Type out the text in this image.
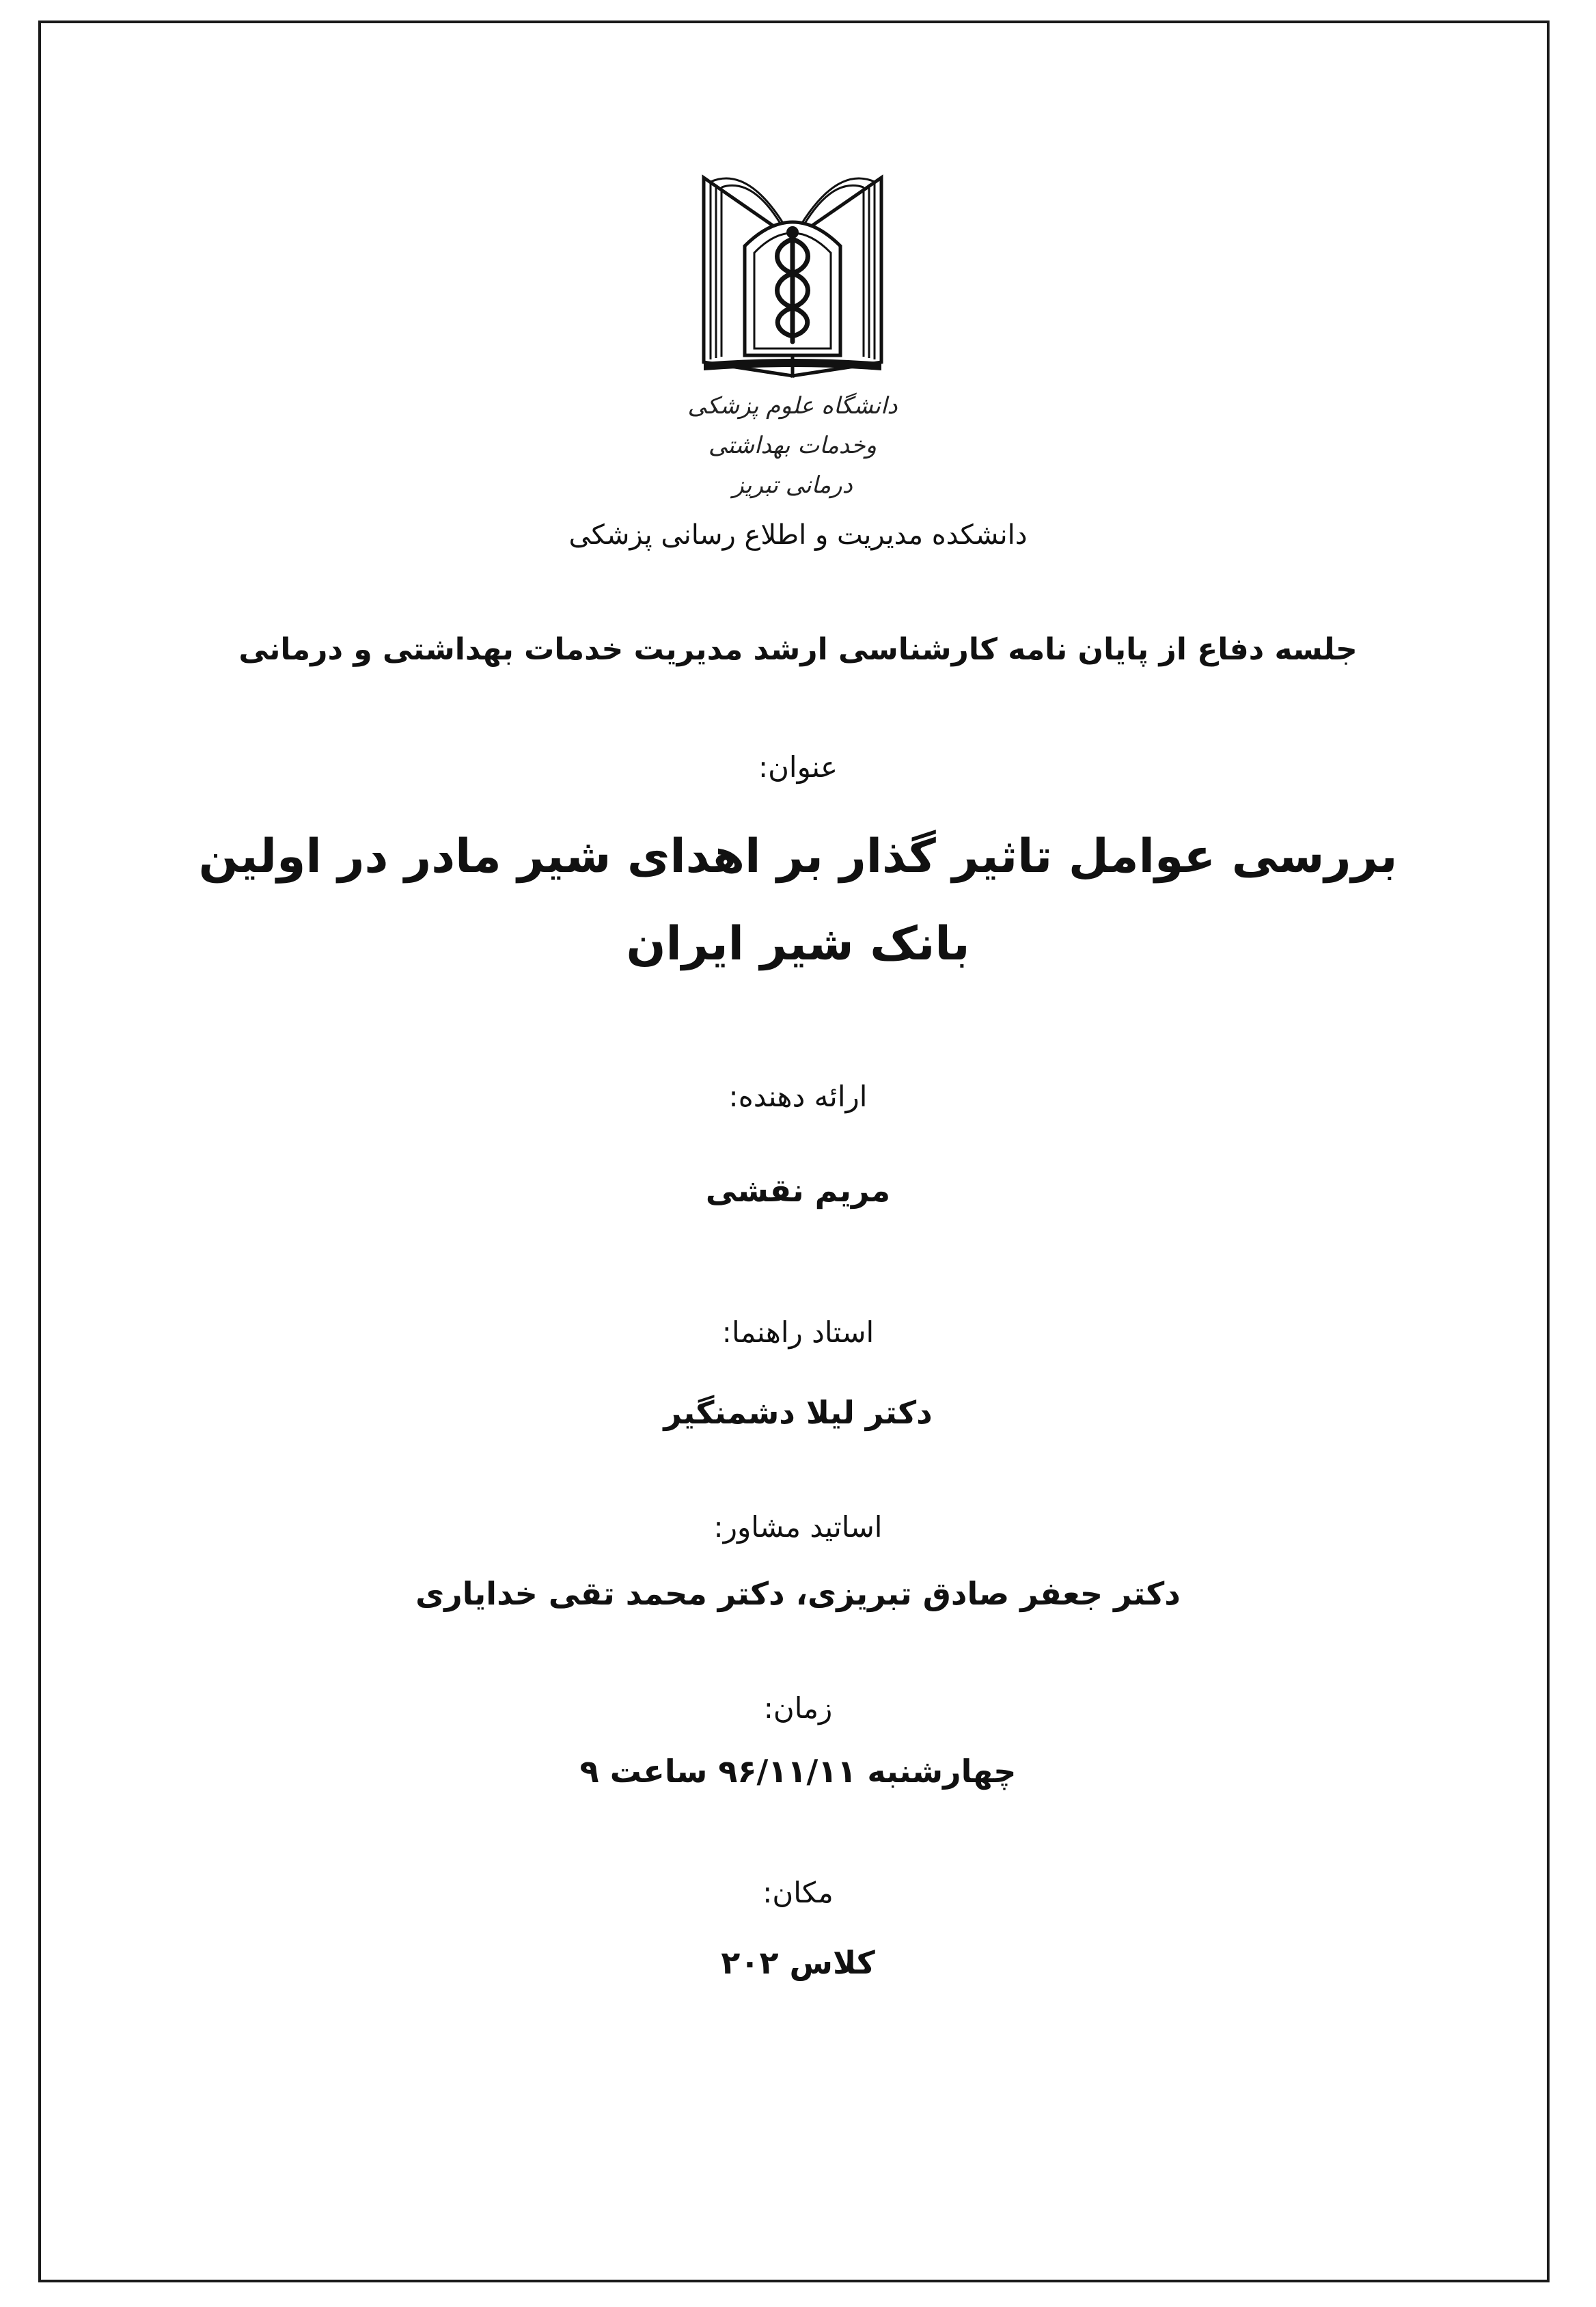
دانشگاه علوم پزشکی
وخدمات بهداشتی درمانی تبریز
دانشکده مدیریت و اطلاع رسانی پزشکی
جلسه دفاع از پایان نامه کارشناسی ارشد مدیریت خدمات بهداشتی و درمانی
عنوان:
بررسی عوامل تاثیر گذار بر اهدای شیر مادر در اولین بانک شیر ایران
ارائه دهنده:
مریم نقشی
استاد راهنما:
دکتر لیلا دشمنگیر
اساتید مشاور:
دکتر جعفر صادق تبریزی، دکتر محمد تقی خدایاری
زمان:
چهارشنبه ۹۶/۱۱/۱۱ ساعت ۹
مکان:
کلاس ۲۰۲
